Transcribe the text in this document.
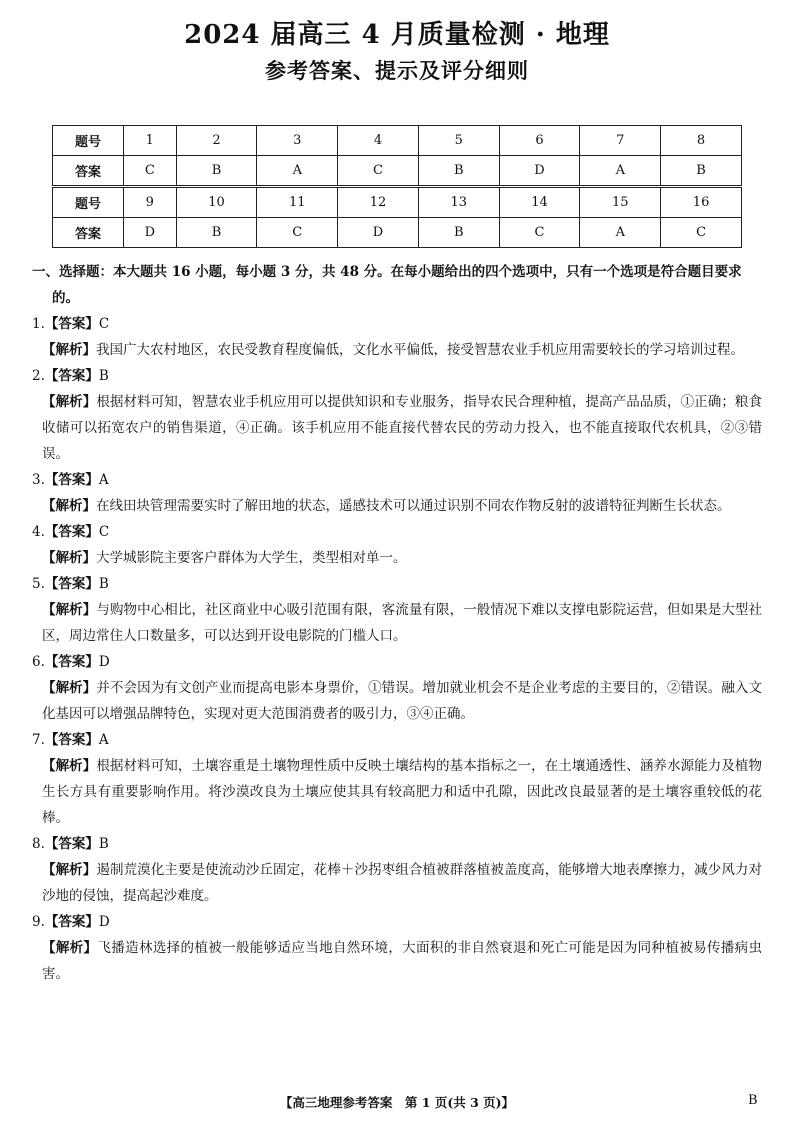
2024 届高三 4 月质量检测 · 地理
参考答案、提示及评分细则
题号	1	2	3	4	5	6	7	8
答案	C	B	A	C	B	D	A	B
题号	9	10	11	12	13	14	15	16
答案	D	B	C	D	B	C	A	C

一、选择题：本大题共 16 小题，每小题 3 分，共 48 分。在每小题给出的四个选项中，只有一个选项是符合题目要求的。

1.【答案】C

【解析】我国广大农村地区，农民受教育程度偏低，文化水平偏低，接受智慧农业手机应用需要较长的学习培训过程。

2.【答案】B

【解析】根据材料可知，智慧农业手机应用可以提供知识和专业服务，指导农民合理种植，提高产品品质，①正确；粮食收储可以拓宽农户的销售渠道，④正确。该手机应用不能直接代替农民的劳动力投入，也不能直接取代农机具，②③错误。

3.【答案】A

【解析】在线田块管理需要实时了解田地的状态，遥感技术可以通过识别不同农作物反射的波谱特征判断生长状态。

4.【答案】C

【解析】大学城影院主要客户群体为大学生，类型相对单一。

5.【答案】B

【解析】与购物中心相比，社区商业中心吸引范围有限，客流量有限，一般情况下难以支撑电影院运营，但如果是大型社区，周边常住人口数量多，可以达到开设电影院的门槛人口。

6.【答案】D

【解析】并不会因为有文创产业而提高电影本身票价，①错误。增加就业机会不是企业考虑的主要目的，②错误。融入文化基因可以增强品牌特色，实现对更大范围消费者的吸引力，③④正确。

7.【答案】A

【解析】根据材料可知，土壤容重是土壤物理性质中反映土壤结构的基本指标之一，在土壤通透性、涵养水源能力及植物生长方具有重要影响作用。将沙漠改良为土壤应使其具有较高肥力和适中孔隙，因此改良最显著的是土壤容重较低的花棒。

8.【答案】B

【解析】遏制荒漠化主要是使流动沙丘固定，花棒＋沙拐枣组合植被群落植被盖度高，能够增大地表摩擦力，减少风力对沙地的侵蚀，提高起沙难度。

9.【答案】D

【解析】飞播造林选择的植被一般能够适应当地自然环境，大面积的非自然衰退和死亡可能是因为同种植被易传播病虫害。

【高三地理参考答案　第 1 页(共 3 页)】	B
